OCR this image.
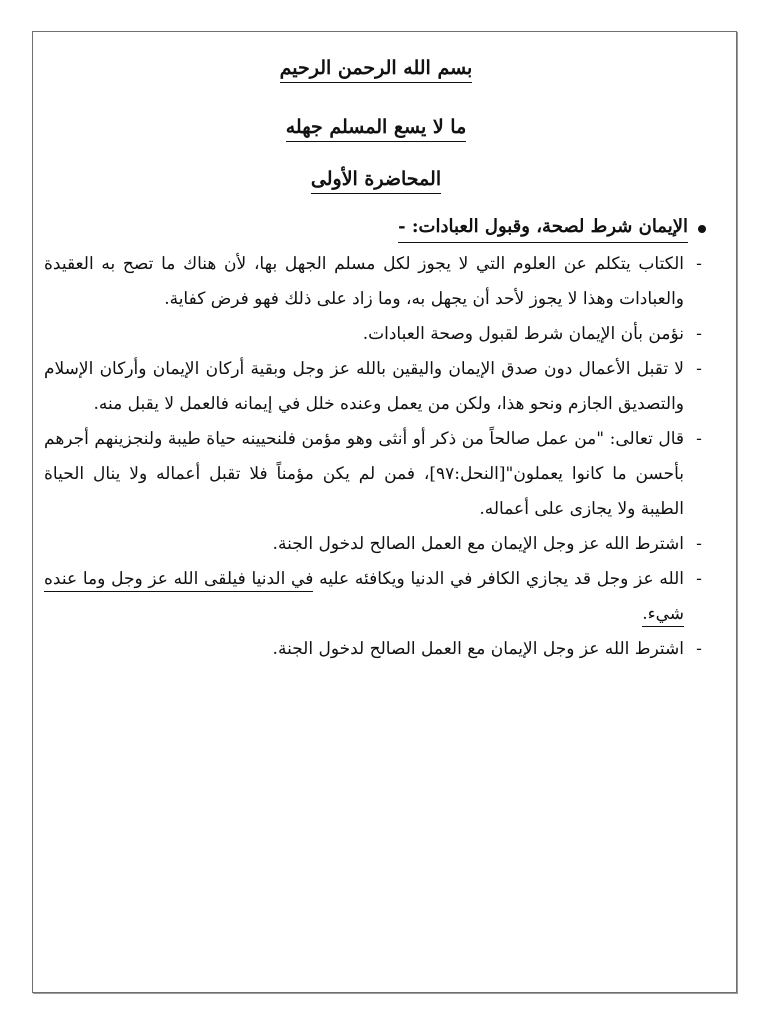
بسم الله الرحمن الرحيم
ما لا يسع المسلم جهله
المحاضرة الأولى
الإيمان شرط لصحة، وقبول العبادات: -
-
الكتاب يتكلم عن العلوم التي لا يجوز لكل مسلم الجهل بها، لأن هناك ما تصح به العقيدة والعبادات وهذا لا يجوز لأحد أن يجهل به، وما زاد على ذلك فهو فرض كفاية.
-
نؤمن بأن الإيمان شرط لقبول وصحة العبادات.
-
لا تقبل الأعمال دون صدق الإيمان واليقين بالله عز وجل وبقية أركان الإيمان وأركان الإسلام والتصديق الجازم ونحو هذا، ولكن من يعمل وعنده خلل في إيمانه فالعمل لا يقبل منه.
-
قال تعالى: "من عمل صالحاً من ذكر أو أنثى وهو مؤمن فلنحيينه حياة طيبة ولنجزينهم أجرهم بأحسن ما كانوا يعملون"[النحل:٩٧]، فمن لم يكن مؤمناً فلا تقبل أعماله ولا ينال الحياة الطيبة ولا يجازى على أعماله.
-
اشترط الله عز وجل الإيمان مع العمل الصالح لدخول الجنة.
-
الله عز وجل قد يجازي الكافر في الدنيا ويكافئه عليه في الدنيا فيلقى الله عز وجل وما عنده شيء.
-
اشترط الله عز وجل الإيمان مع العمل الصالح لدخول الجنة.
